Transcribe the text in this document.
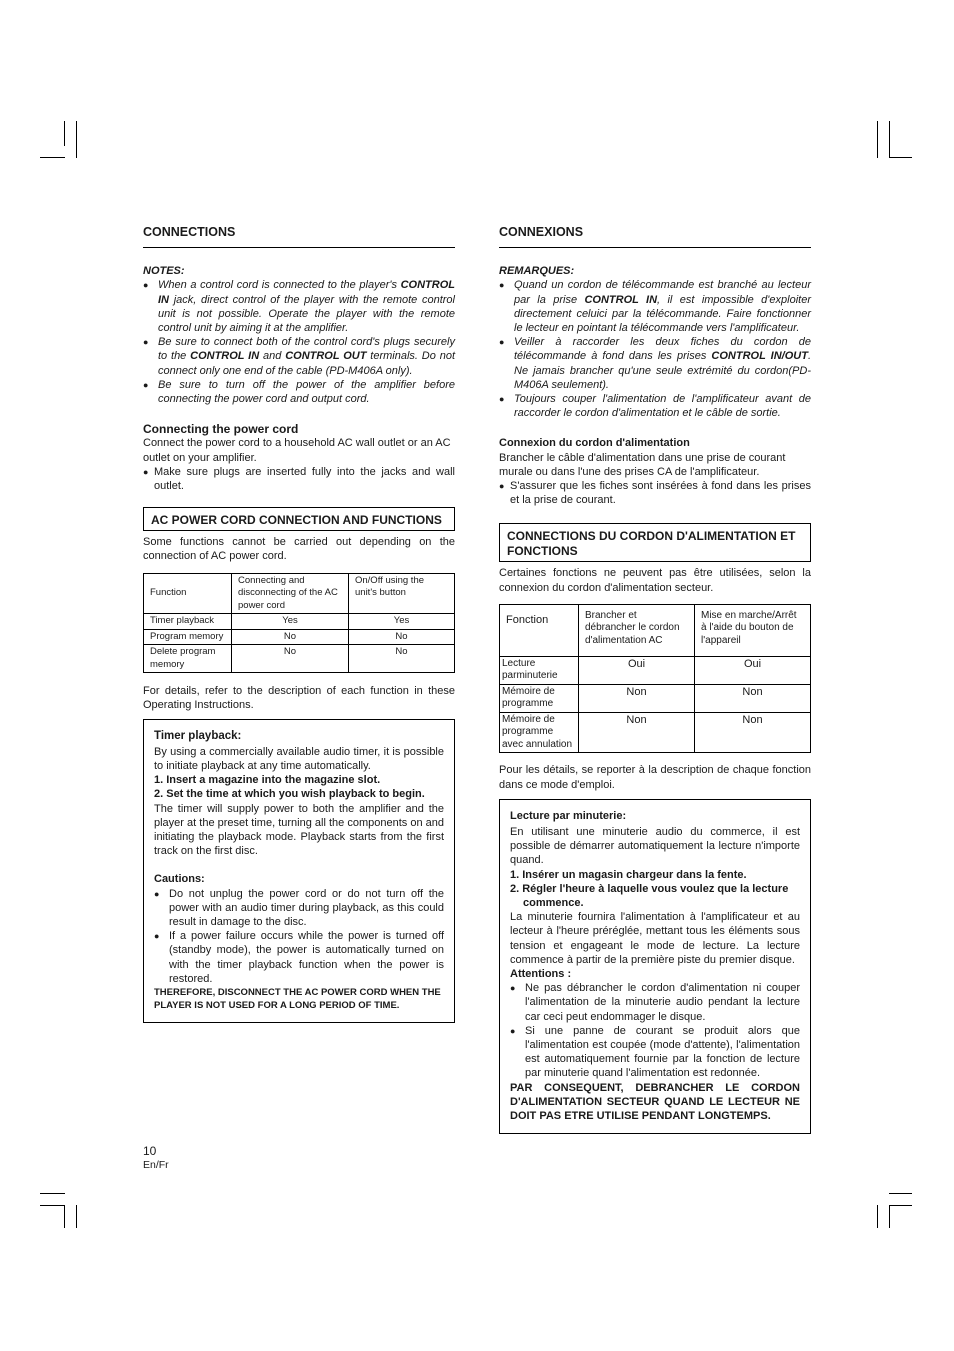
CONNECTIONS
NOTES:
● When a control cord is connected to the player's CONTROL IN jack, direct control of the player with the remote control unit is not possible. Operate the player with the remote control unit by aiming it at the amplifier.
● Be sure to connect both of the control cord's plugs securely to the CONTROL IN and CONTROL OUT terminals. Do not connect only one end of the cable (PD-M406A only).
● Be sure to turn off the power of the amplifier before connecting the power cord and output cord.
Connecting the power cord

Connect the power cord to a household AC wall outlet or an AC outlet on your amplifier.

● Make sure plugs are inserted fully into the jacks and wall outlet.
AC POWER CORD CONNECTION AND FUNCTIONS

Some functions cannot be carried out depending on the connection of AC power cord.

Function	Connecting and disconnecting of the AC power cord	On/Off using the unit's button
Timer playback	Yes	Yes
Program memory	No	No
Delete program memory	No	No

For details, refer to the description of each function in these Operating Instructions.

Timer playback:

By using a commercially available audio timer, it is possible to initiate playback at any time automatically.

1. Insert a magazine into the magazine slot.

2. Set the time at which you wish playback to begin.

The timer will supply power to both the amplifier and the player at the preset time, turning all the components on and initiating the playback mode. Playback starts from the first track on the first disc.

Cautions:

● Do not unplug the power cord or do not turn off the power with an audio timer during playback, as this could result in damage to the disc.
● If a power failure occurs while the power is turned off (standby mode), the power is automatically turned on with the timer playback function when the power is restored.

THEREFORE, DISCONNECT THE AC POWER CORD WHEN THE PLAYER IS NOT USED FOR A LONG PERIOD OF TIME.

CONNEXIONS
REMARQUES:
● Quand un cordon de télécommande est branché au lecteur par la prise CONTROL IN, il est impossible d'exploiter directement celuici par la télécommande. Faire fonctionner le lecteur en pointant la télécommande vers l'amplificateur.
● Veiller à raccorder les deux fiches du cordon de télécommande à fond dans les prises CONTROL IN/OUT. Ne jamais brancher qu'une seule extrémité du cordon(PD-M406A seulement).
● Toujours couper l'alimentation de l'amplificateur avant de raccorder le cordon d'alimentation et le câble de sortie.
Connexion du cordon d'alimentation

Brancher le câble d'alimentation dans une prise de courant murale ou dans l'une des prises CA de l'amplificateur.

● S'assurer que les fiches sont insérées à fond dans les prises et la prise de courant.
CONNECTIONS DU CORDON D'ALIMENTATION ET FONCTIONS

Certaines fonctions ne peuvent pas être utilisées, selon la connexion du cordon d'alimentation secteur.

Fonction	Brancher et débrancher le cordon d'alimentation AC	Mise en marche/Arrêt à l'aide du bouton de l'appareil
Lecture parminuterie	Oui	Oui
Mémoire de programme	Non	Non
Mémoire de programme avec annulation	Non	Non

Pour les détails, se reporter à la description de chaque fonction dans ce mode d'emploi.

Lecture par minuterie:

En utilisant une minuterie audio du commerce, il est possible de démarrer automatiquement la lecture n'importe quand.

1. Insérer un magasin chargeur dans la fente.

2. Régler l'heure à laquelle vous voulez que la lecture commence.

La minuterie fournira l'alimentation à l'amplificateur et au lecteur à l'heure préréglée, mettant tous les éléments sous tension et engageant le mode de lecture. La lecture commence à partir de la première piste du premier disque.

Attentions :

● Ne pas débrancher le cordon d'alimentation ni couper l'alimentation de la minuterie audio pendant la lecture car ceci peut endommager le disque.
● Si une panne de courant se produit alors que l'alimentation est coupée (mode d'attente), l'alimentation est automatiquement fournie par la fonction de lecture par minuterie quand l'alimentation est redonnée.

PAR CONSEQUENT, DEBRANCHER LE CORDON D'ALIMENTATION SECTEUR QUAND LE LECTEUR NE DOIT PAS ETRE UTILISE PENDANT LONGTEMPS.

10
En/Fr
